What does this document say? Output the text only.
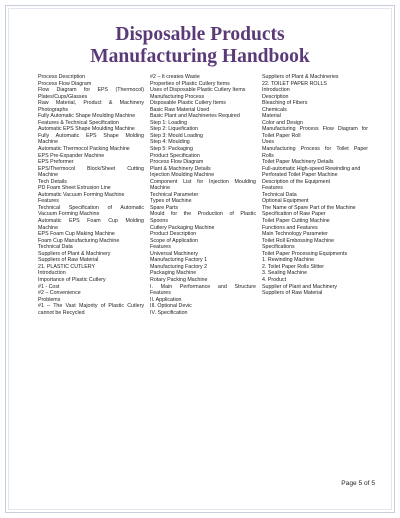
Disposable Products
Manufacturing Handbook
Process Description
Process Flow Diagram
Flow Diagram for EPS (Thermocol)
Plates/Cups/Glasses
Raw Material, Product & Machinery
Photographs
Fully Automatic Shape Moulding Machine
Features & Technical Specification
Automatic EPS Shape Moulding Machine
Fully Automatic EPS Shape Molding
Machine
Automatic Thermocol Packing Machine
EPS Pre-Expander Machine
EPS Preformer
EPS/Thermocol Block/Sheet Cutting
Machine
Tech Details
PD Foam Sheet Extrusion Line
Automatic Vacuum Forming Machine
Features
Technical Specification of Automatic
Vacuum Forming Machine
Automatic EPS Foam Cup Molding
Machine
EPS Foam Cup Making Machine
Foam Cup Manufacturing Machine
Technical Data
Suppliers of Plant & Machinery
Suppliers of Raw Material
21. PLASTIC CUTLERY
Introduction
Importance of Plastic Cutlery
#1 - Cost
#2 – Convenience
Problems
#1 – The Vast Majority of Plastic Cutlery
cannot be Recycled
#2 – It creates Waste
Properties of Plastic Cutlery Items
Uses of Disposable Plastic Cutlery Items
Manufacturing Process
Disposable Plastic Cutlery Items
Basic Raw Material Used
Basic Plant and Machineries Required
Step 1: Loading
Step 2: Liquefication
Step 3: Mould Loading
Step 4: Moulding
Step 5: Packaging
Product Specification
Process Flow Diagram
Plant & Machinery Details
Injection Moulding Machine
Component List for Injection Moulding
Machine
Technical Parameter
Types of Machine
Spare Parts
Mould for the Production of Plastic
Spoons
Cutlery Packaging Machine
Product Description
Scope of Application
Features
Universal Machinery
Manufacturing Factory 1
Manufacturing Factory 2
Packaging Machine
Rotary Packing Machine
I. Main Performance and Structure
Features
II. Application
III. Optional Devic
IV. Specification
Suppliers of Plant & Machineries
22. TOILET PAPER ROLLS
Introduction
Description
Bleaching of Fibers
Chemicals
Material
Color and Design
Manufacturing Process Flow Diagram for
Toilet Paper Roll
Uses
Manufacturing Process for Toilet Paper
Rolls
Toilet Paper Machinery Details
Full-automatic High-speed Rewinding and
Perforated Toilet Paper Machine
Description of the Equipment
Features
Technical Data
Optional Equipment
The Name of Spare Part of the Machine
Specification of Raw Paper
Toilet Paper Cutting Machine
Functions and Features
Main Technology Parameter
Toilet Roll Embossing Machine
Specifications
Toilet Paper Processing Equipments
1. Rewinding Machine
2. Toilet Paper Rolls Slitter
3. Sealing Machine
4. Product
Supplier of Plant and Machinery
Suppliers of Raw Material
Page 5 of 5
